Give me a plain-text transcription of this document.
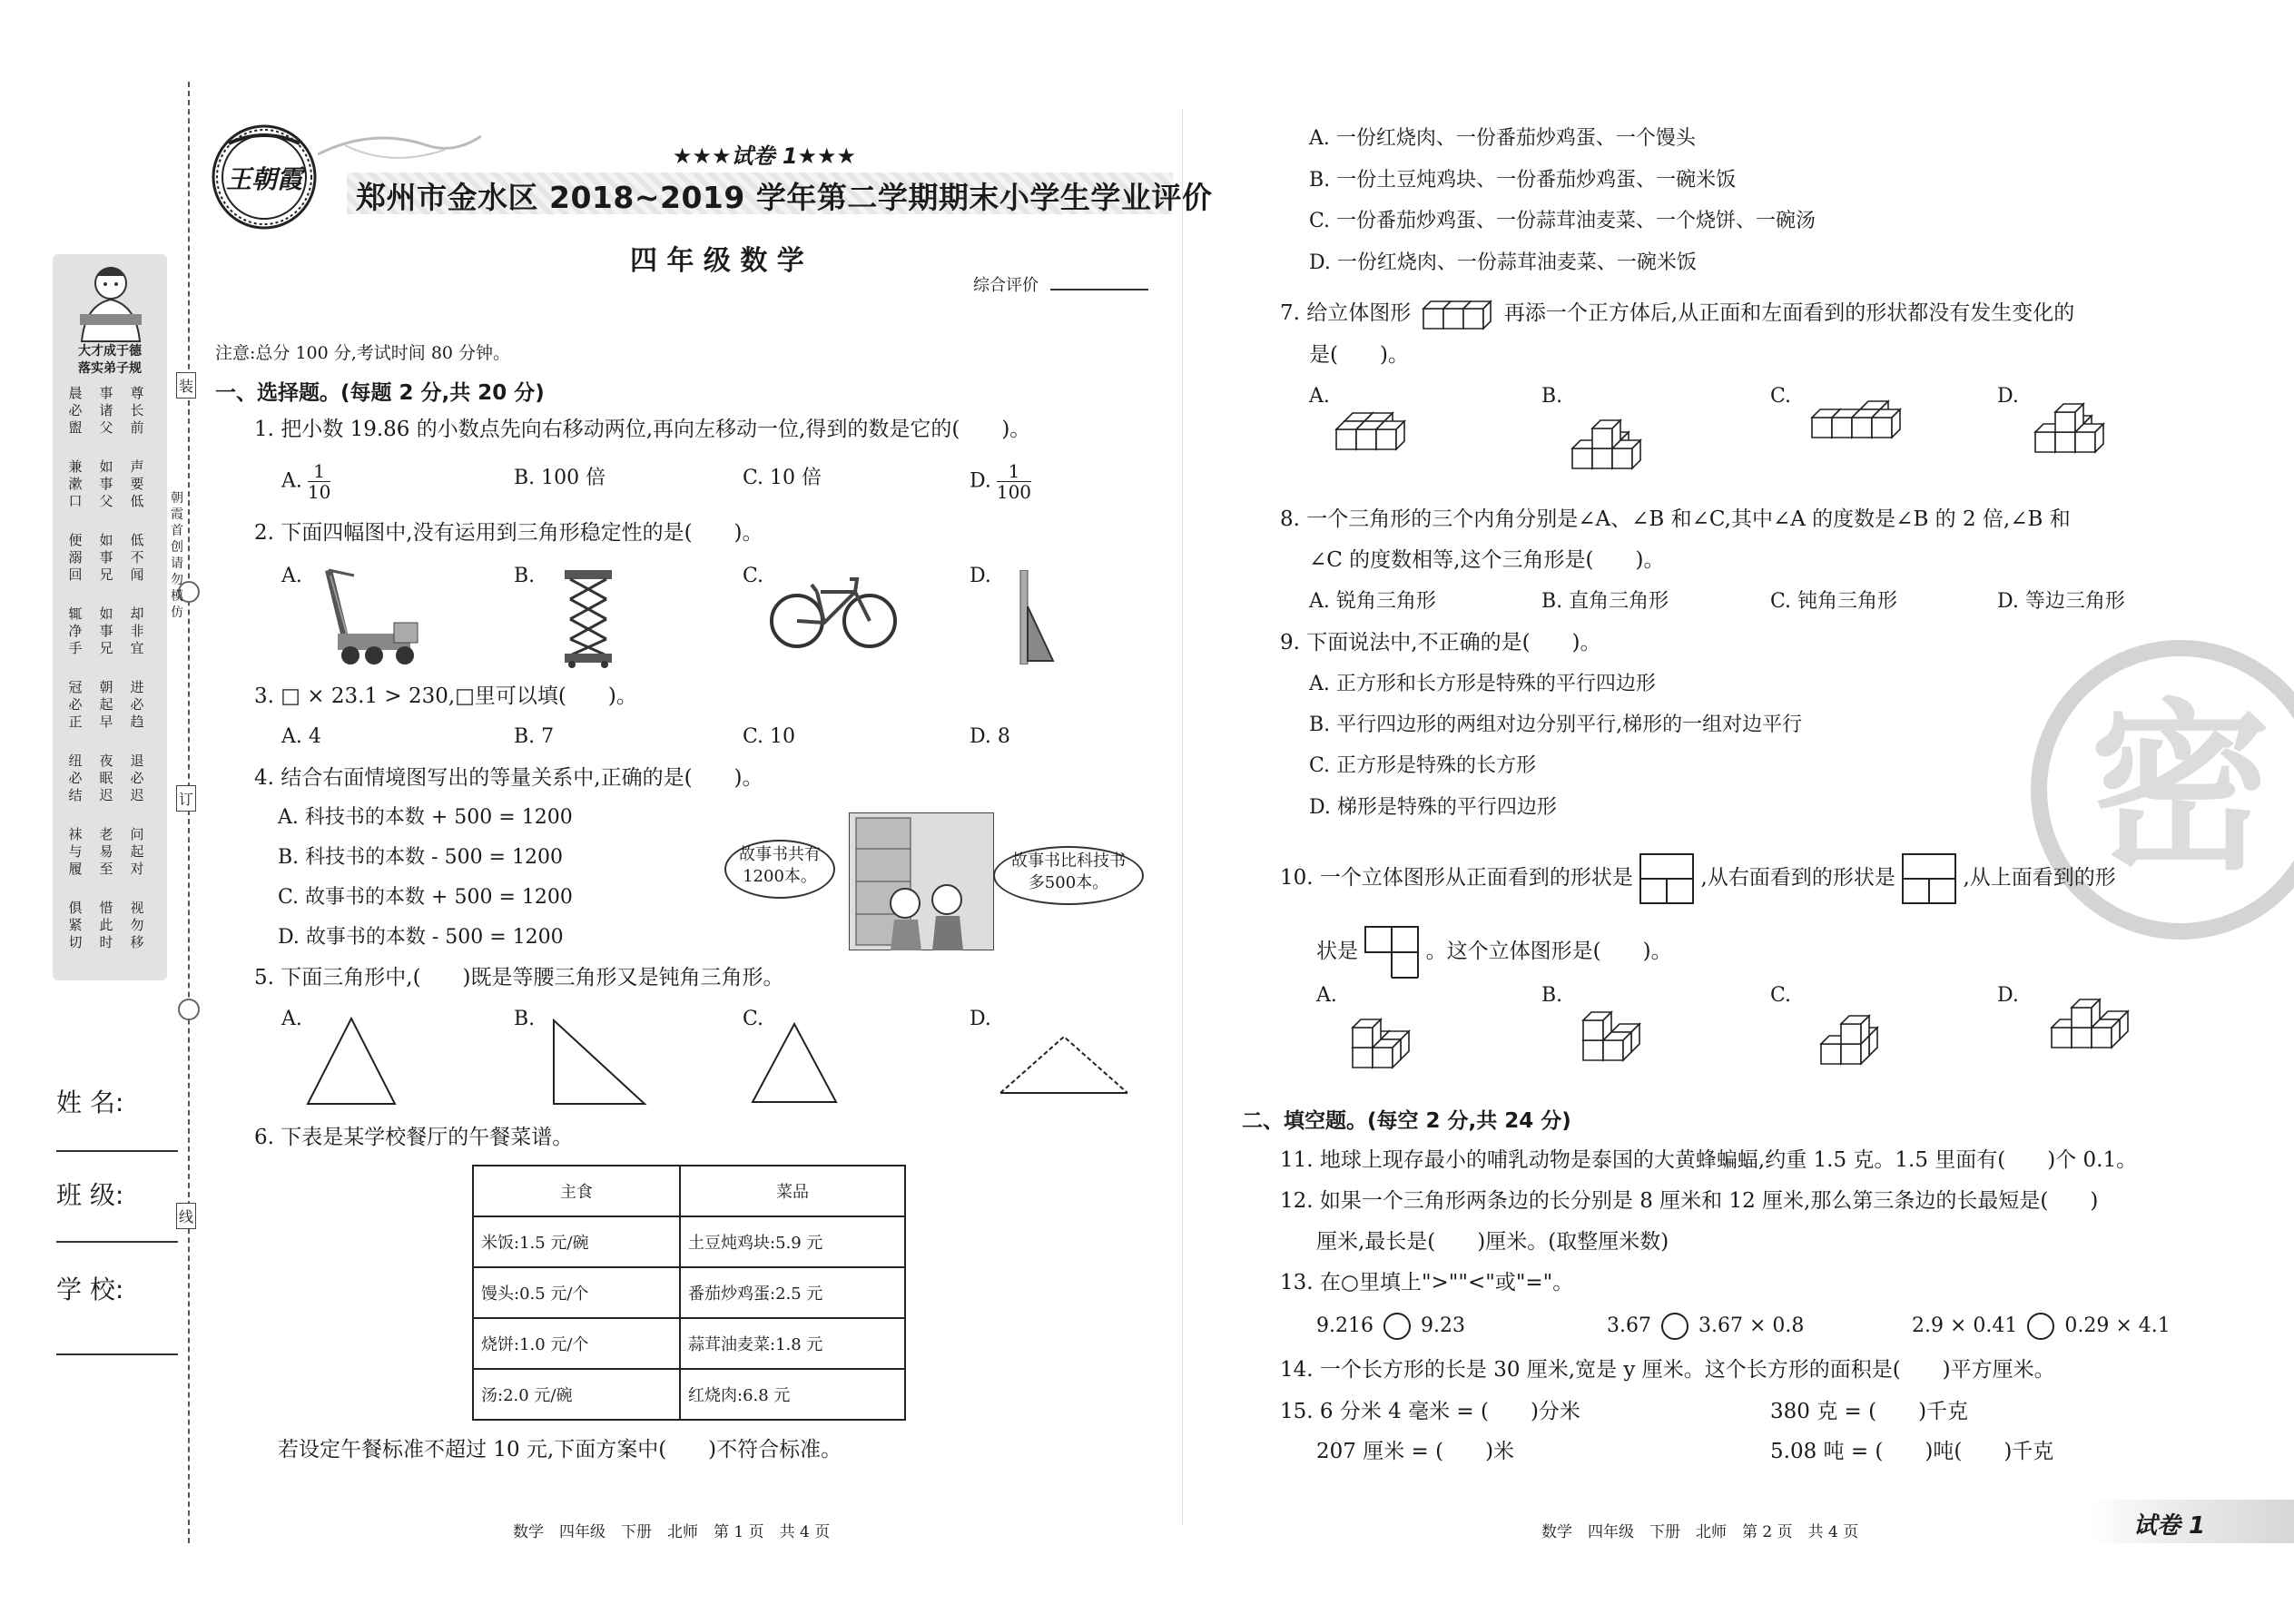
大才成于德
落实弟子规
晨必盥
事诸父
尊长前
兼漱口
如事父
声要低
便溺回
如事兄
低不闻
辄净手
如事兄
却非宜
冠必正
朝起早
进必趋
纽必结
夜眠迟
退必迟
袜与履
老易至
问起对
俱紧切
惜此时
视勿移
装
订
线
朝霞首创 请勿模仿
姓 名:
班 级:
学 校:
王朝霞
★★★试卷 1★★★
郑州市金水区 2018~2019 学年第二学期期末小学生学业评价
四 年 级 数 学
综合评价
注意:总分 100 分,考试时间 80 分钟。
一、选择题。(每题 2 分,共 20 分)
1. 把小数 19.86 的小数点先向右移动两位,再向左移动一位,得到的数是它的(　　)。
A. $\frac{1}{10}$	B. 100 倍	C. 10 倍	D. $\frac{1}{100}$
2. 下面四幅图中,没有运用到三角形稳定性的是(　　)。
A.	B.	C.	D.
3. □ × 23.1 > 230,□里可以填(　　)。
A. 4	B. 7	C. 10	D. 8
4. 结合右面情境图写出的等量关系中,正确的是(　　)。
A. 科技书的本数 + 500 = 1200
B. 科技书的本数 - 500 = 1200
C. 故事书的本数 + 500 = 1200
D. 故事书的本数 - 500 = 1200
故事书共有1200本。
故事书比科技书多500本。
5. 下面三角形中,(　　)既是等腰三角形又是钝角三角形。
A.	B.	C.	D.
6. 下表是某学校餐厅的午餐菜谱。
主食	菜品
米饭:1.5 元/碗	土豆炖鸡块:5.9 元
馒头:0.5 元/个	番茄炒鸡蛋:2.5 元
烧饼:1.0 元/个	蒜茸油麦菜:1.8 元
汤:2.0 元/碗	红烧肉:6.8 元
若设定午餐标准不超过 10 元,下面方案中(　　)不符合标准。
数学　四年级　下册　北师　第 1 页　共 4 页
A. 一份红烧肉、一份番茄炒鸡蛋、一个馒头
B. 一份土豆炖鸡块、一份番茄炒鸡蛋、一碗米饭
C. 一份番茄炒鸡蛋、一份蒜茸油麦菜、一个烧饼、一碗汤
D. 一份红烧肉、一份蒜茸油麦菜、一碗米饭
7. 给立体图形	再添一个正方体后,从正面和左面看到的形状都没有发生变化的
是(　　)。
A.	B.	C.	D.
8. 一个三角形的三个内角分别是∠A、∠B 和∠C,其中∠A 的度数是∠B 的 2 倍,∠B 和
∠C 的度数相等,这个三角形是(　　)。
A. 锐角三角形	B. 直角三角形	C. 钝角三角形	D. 等边三角形
9. 下面说法中,不正确的是(　　)。
A. 正方形和长方形是特殊的平行四边形
B. 平行四边形的两组对边分别平行,梯形的一组对边平行
C. 正方形是特殊的长方形
D. 梯形是特殊的平行四边形	密
10. 一个立体图形从正面看到的形状是	,从右面看到的形状是	,从上面看到的形
状是	。这个立体图形是(　　)。
A.	B.	C.	D.
二、填空题。(每空 2 分,共 24 分)
11. 地球上现存最小的哺乳动物是泰国的大黄蜂蝙蝠,约重 1.5 克。1.5 里面有(　　)个 0.1。
12. 如果一个三角形两条边的长分别是 8 厘米和 12 厘米,那么第三条边的长最短是(　　)
厘米,最长是(　　)厘米。(取整厘米数)
13. 在○里填上">""<"或"="。
9.216 9.23	3.67 3.67 × 0.8	2.9 × 0.41 0.29 × 4.1
14. 一个长方形的长是 30 厘米,宽是 y 厘米。这个长方形的面积是(　　)平方厘米。
15. 6 分米 4 毫米 = (　　)分米	380 克 = (　　)千克
207 厘米 = (　　)米	5.08 吨 = (　　)吨(　　)千克
数学　四年级　下册　北师　第 2 页　共 4 页	试卷 1
